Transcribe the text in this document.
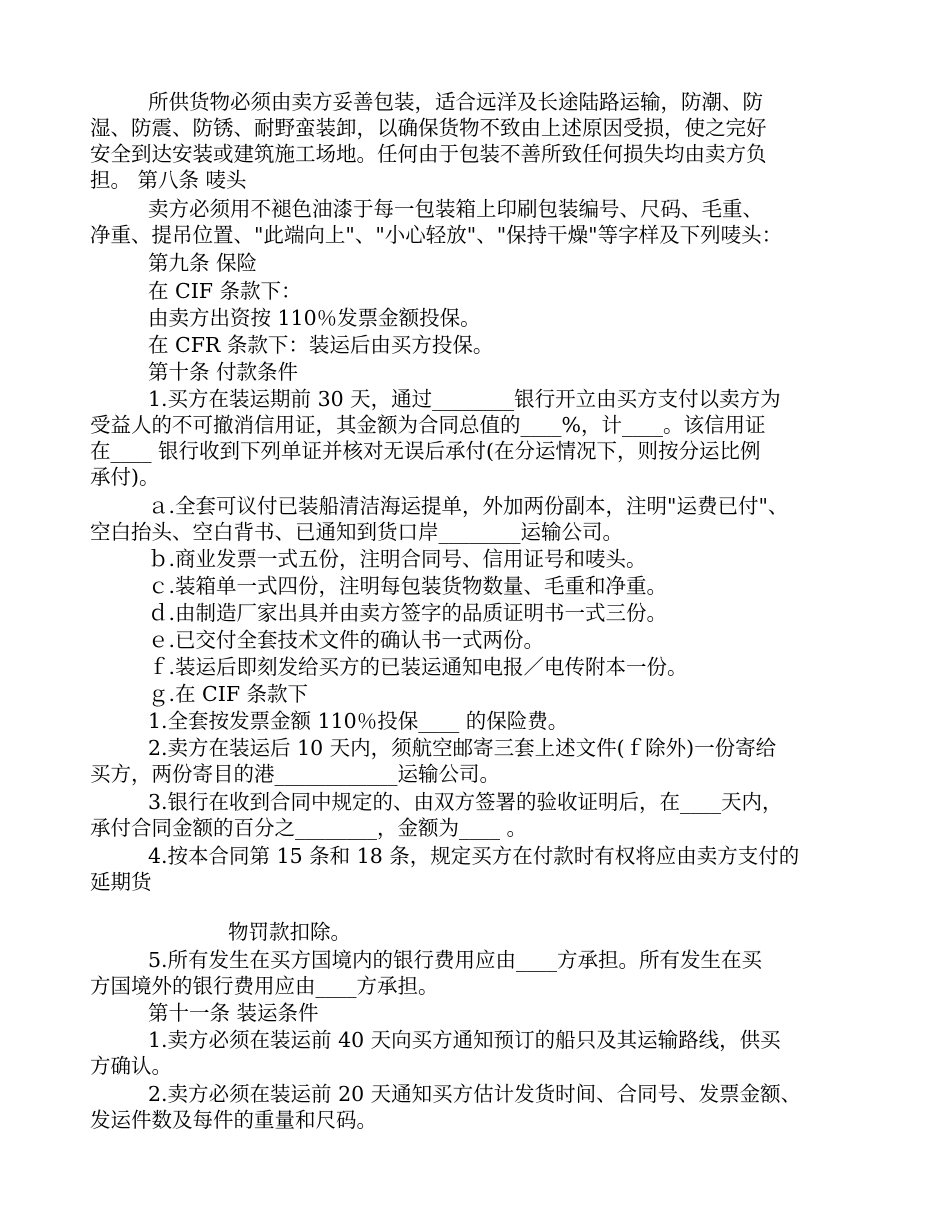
所供货物必须由卖方妥善包装，适合远洋及长途陆路运输，防潮、防
湿、防震、防锈、耐野蛮装卸，以确保货物不致由上述原因受损，使之完好
安全到达安装或建筑施工场地。任何由于包装不善所致任何损失均由卖方负
担。 第八条 唛头
卖方必须用不褪色油漆于每一包装箱上印刷包装编号、尺码、毛重、
净重、提吊位置、"此端向上"、"小心轻放"、"保持干燥"等字样及下列唛头：
第九条 保险
在 CIF 条款下：
由卖方出资按 110％发票金额投保。
在 CFR 条款下：装运后由买方投保。
第十条 付款条件
1.买方在装运期前 30 天，通过________银行开立由买方支付以卖方为
受益人的不可撤消信用证，其金额为合同总值的____%，计____。该信用证
在____ 银行收到下列单证并核对无误后承付(在分运情况下，则按分运比例
承付)。
ａ.全套可议付已装船清洁海运提单，外加两份副本，注明"运费已付"、
空白抬头、空白背书、已通知到货口岸________运输公司。
ｂ.商业发票一式五份，注明合同号、信用证号和唛头。
ｃ.装箱单一式四份，注明每包装货物数量、毛重和净重。
ｄ.由制造厂家出具并由卖方签字的品质证明书一式三份。
ｅ.已交付全套技术文件的确认书一式两份。
ｆ.装运后即刻发给买方的已装运通知电报／电传附本一份。
ｇ.在 CIF 条款下
1.全套按发票金额 110％投保____ 的保险费。
2.卖方在装运后 10 天内，须航空邮寄三套上述文件(ｆ除外)一份寄给
买方，两份寄目的港____________运输公司。
3.银行在收到合同中规定的、由双方签署的验收证明后，在____天内，
承付合同金额的百分之________，金额为____ 。
4.按本合同第 15 条和 18 条，规定买方在付款时有权将应由卖方支付的
延期货
物罚款扣除。
5.所有发生在买方国境内的银行费用应由____方承担。所有发生在买
方国境外的银行费用应由____方承担。
第十一条 装运条件
1.卖方必须在装运前 40 天向买方通知预订的船只及其运输路线，供买
方确认。
2.卖方必须在装运前 20 天通知买方估计发货时间、合同号、发票金额、
发运件数及每件的重量和尺码。
